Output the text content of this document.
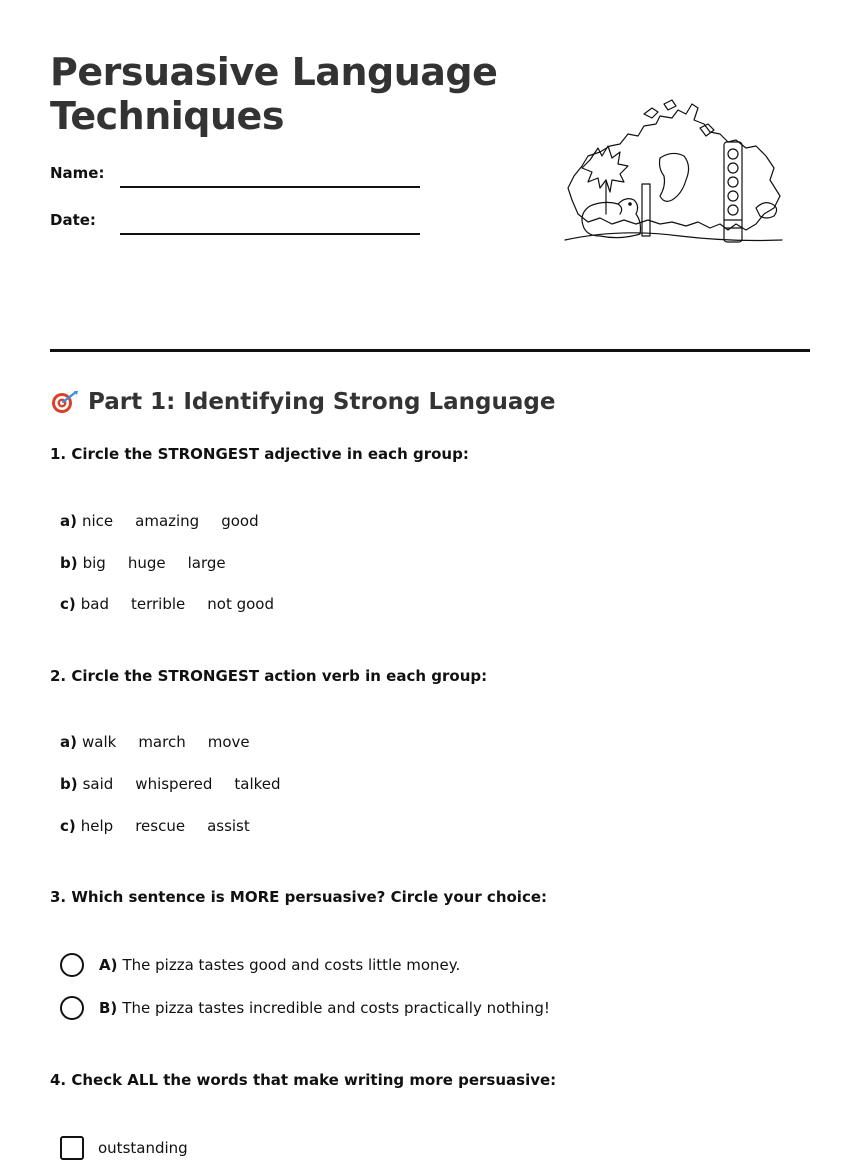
Persuasive Language Techniques
Name:
Date:
Part 1: Identifying Strong Language

1. Circle the STRONGEST adjective in each group:

a) nice amazing good
b) big huge large
c) bad terrible not good

2. Circle the STRONGEST action verb in each group:

a) walk march move
b) said whispered talked
c) help rescue assist

3. Which sentence is MORE persuasive? Circle your choice:

A) The pizza tastes good and costs little money.
B) The pizza tastes incredible and costs practically nothing!

4. Check ALL the words that make writing more persuasive:

outstanding
